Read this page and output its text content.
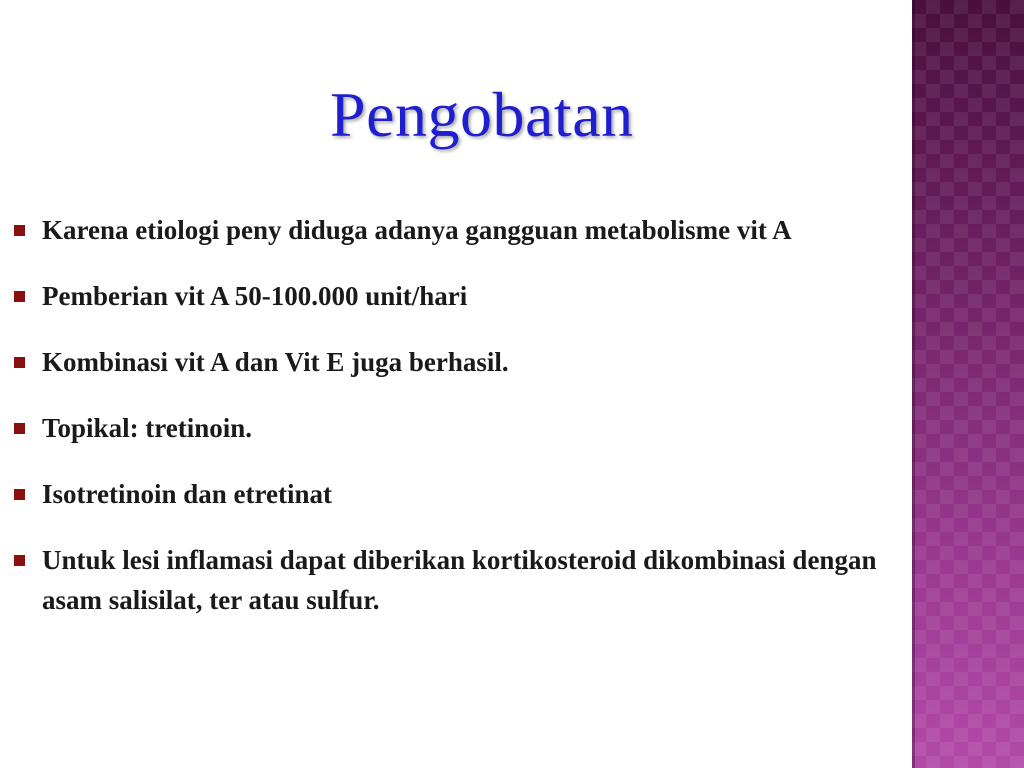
Pengobatan
Karena etiologi peny diduga adanya gangguan metabolisme vit A
Pemberian vit A 50-100.000 unit/hari
Kombinasi vit A dan Vit E juga berhasil.
Topikal: tretinoin.
Isotretinoin dan etretinat
Untuk lesi inflamasi dapat diberikan kortikosteroid dikombinasi dengan asam salisilat, ter atau sulfur.
